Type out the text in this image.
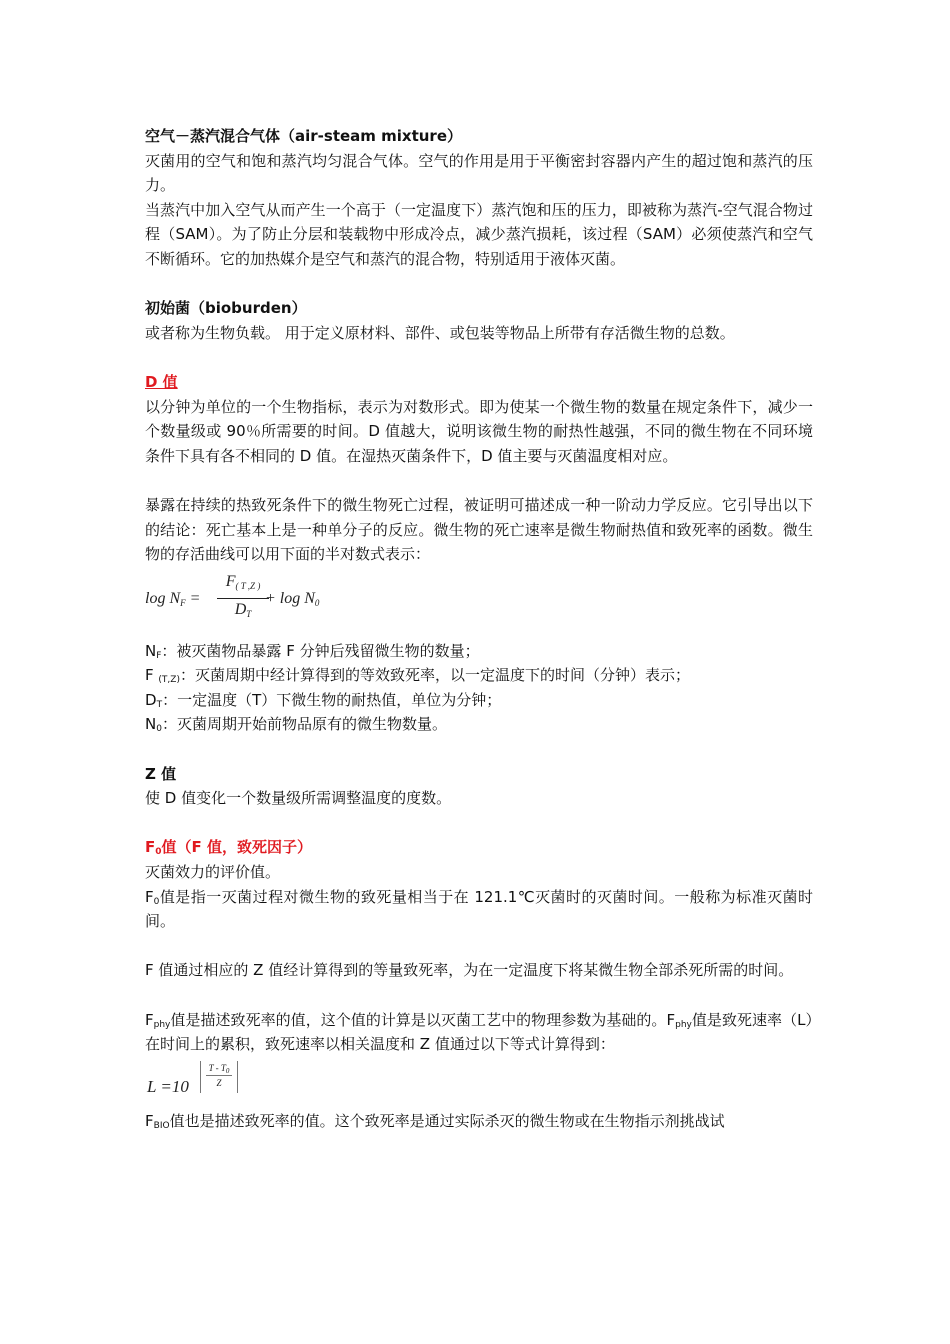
空气－蒸汽混合气体（air-steam mixture）

灭菌用的空气和饱和蒸汽均匀混合气体。空气的作用是用于平衡密封容器内产生的超过饱和蒸汽的压力。

当蒸汽中加入空气从而产生一个高于（一定温度下）蒸汽饱和压的压力，即被称为蒸汽-空气混合物过程（SAM）。为了防止分层和装载物中形成冷点，减少蒸汽损耗，该过程（SAM）必须使蒸汽和空气不断循环。它的加热媒介是空气和蒸汽的混合物，特别适用于液体灭菌。

初始菌（bioburden）

或者称为生物负载。 用于定义原材料、部件、或包装等物品上所带有存活微生物的总数。

D 值

以分钟为单位的一个生物指标，表示为对数形式。即为使某一个微生物的数量在规定条件下，减少一个数量级或 90％所需要的时间。D 值越大，说明该微生物的耐热性越强，不同的微生物在不同环境条件下具有各不相同的 D 值。在湿热灭菌条件下，D 值主要与灭菌温度相对应。

暴露在持续的热致死条件下的微生物死亡过程，被证明可描述成一种一阶动力学反应。它引导出以下的结论：死亡基本上是一种单分子的反应。微生物的死亡速率是微生物耐热值和致死率的函数。微生物的存活曲线可以用下面的半对数式表示：

$\log N_F$ =
$F_{( T ,Z )}$
$D_T$
+ $\log N_0$

$N_F$：被灭菌物品暴露 F 分钟后残留微生物的数量；

F $_{(T,Z)}$：灭菌周期中经计算得到的等效致死率，以一定温度下的时间（分钟）表示；

$D_T$：一定温度（T）下微生物的耐热值，单位为分钟；

$N_0$：灭菌周期开始前物品原有的微生物数量。

Z 值

使 D 值变化一个数量级所需调整温度的度数。

$F_0$值（F 值，致死因子）

灭菌效力的评价值。

$F_0$值是指一灭菌过程对微生物的致死量相当于在 121.1℃灭菌时的灭菌时间。一般称为标准灭菌时间。

F 值通过相应的 Z 值经计算得到的等量致死率，为在一定温度下将某微生物全部杀死所需的时间。

$F_{phy}$值是描述致死率的值，这个值的计算是以灭菌工艺中的物理参数为基础的。$F_{phy}$值是致死速率（L）在时间上的累积，致死速率以相关温度和 Z 值通过以下等式计算得到：

L =10
T - $T_0$
Z

$F_{BIO}$值也是描述致死率的值。这个致死率是通过实际杀灭的微生物或在生物指示剂挑战试
